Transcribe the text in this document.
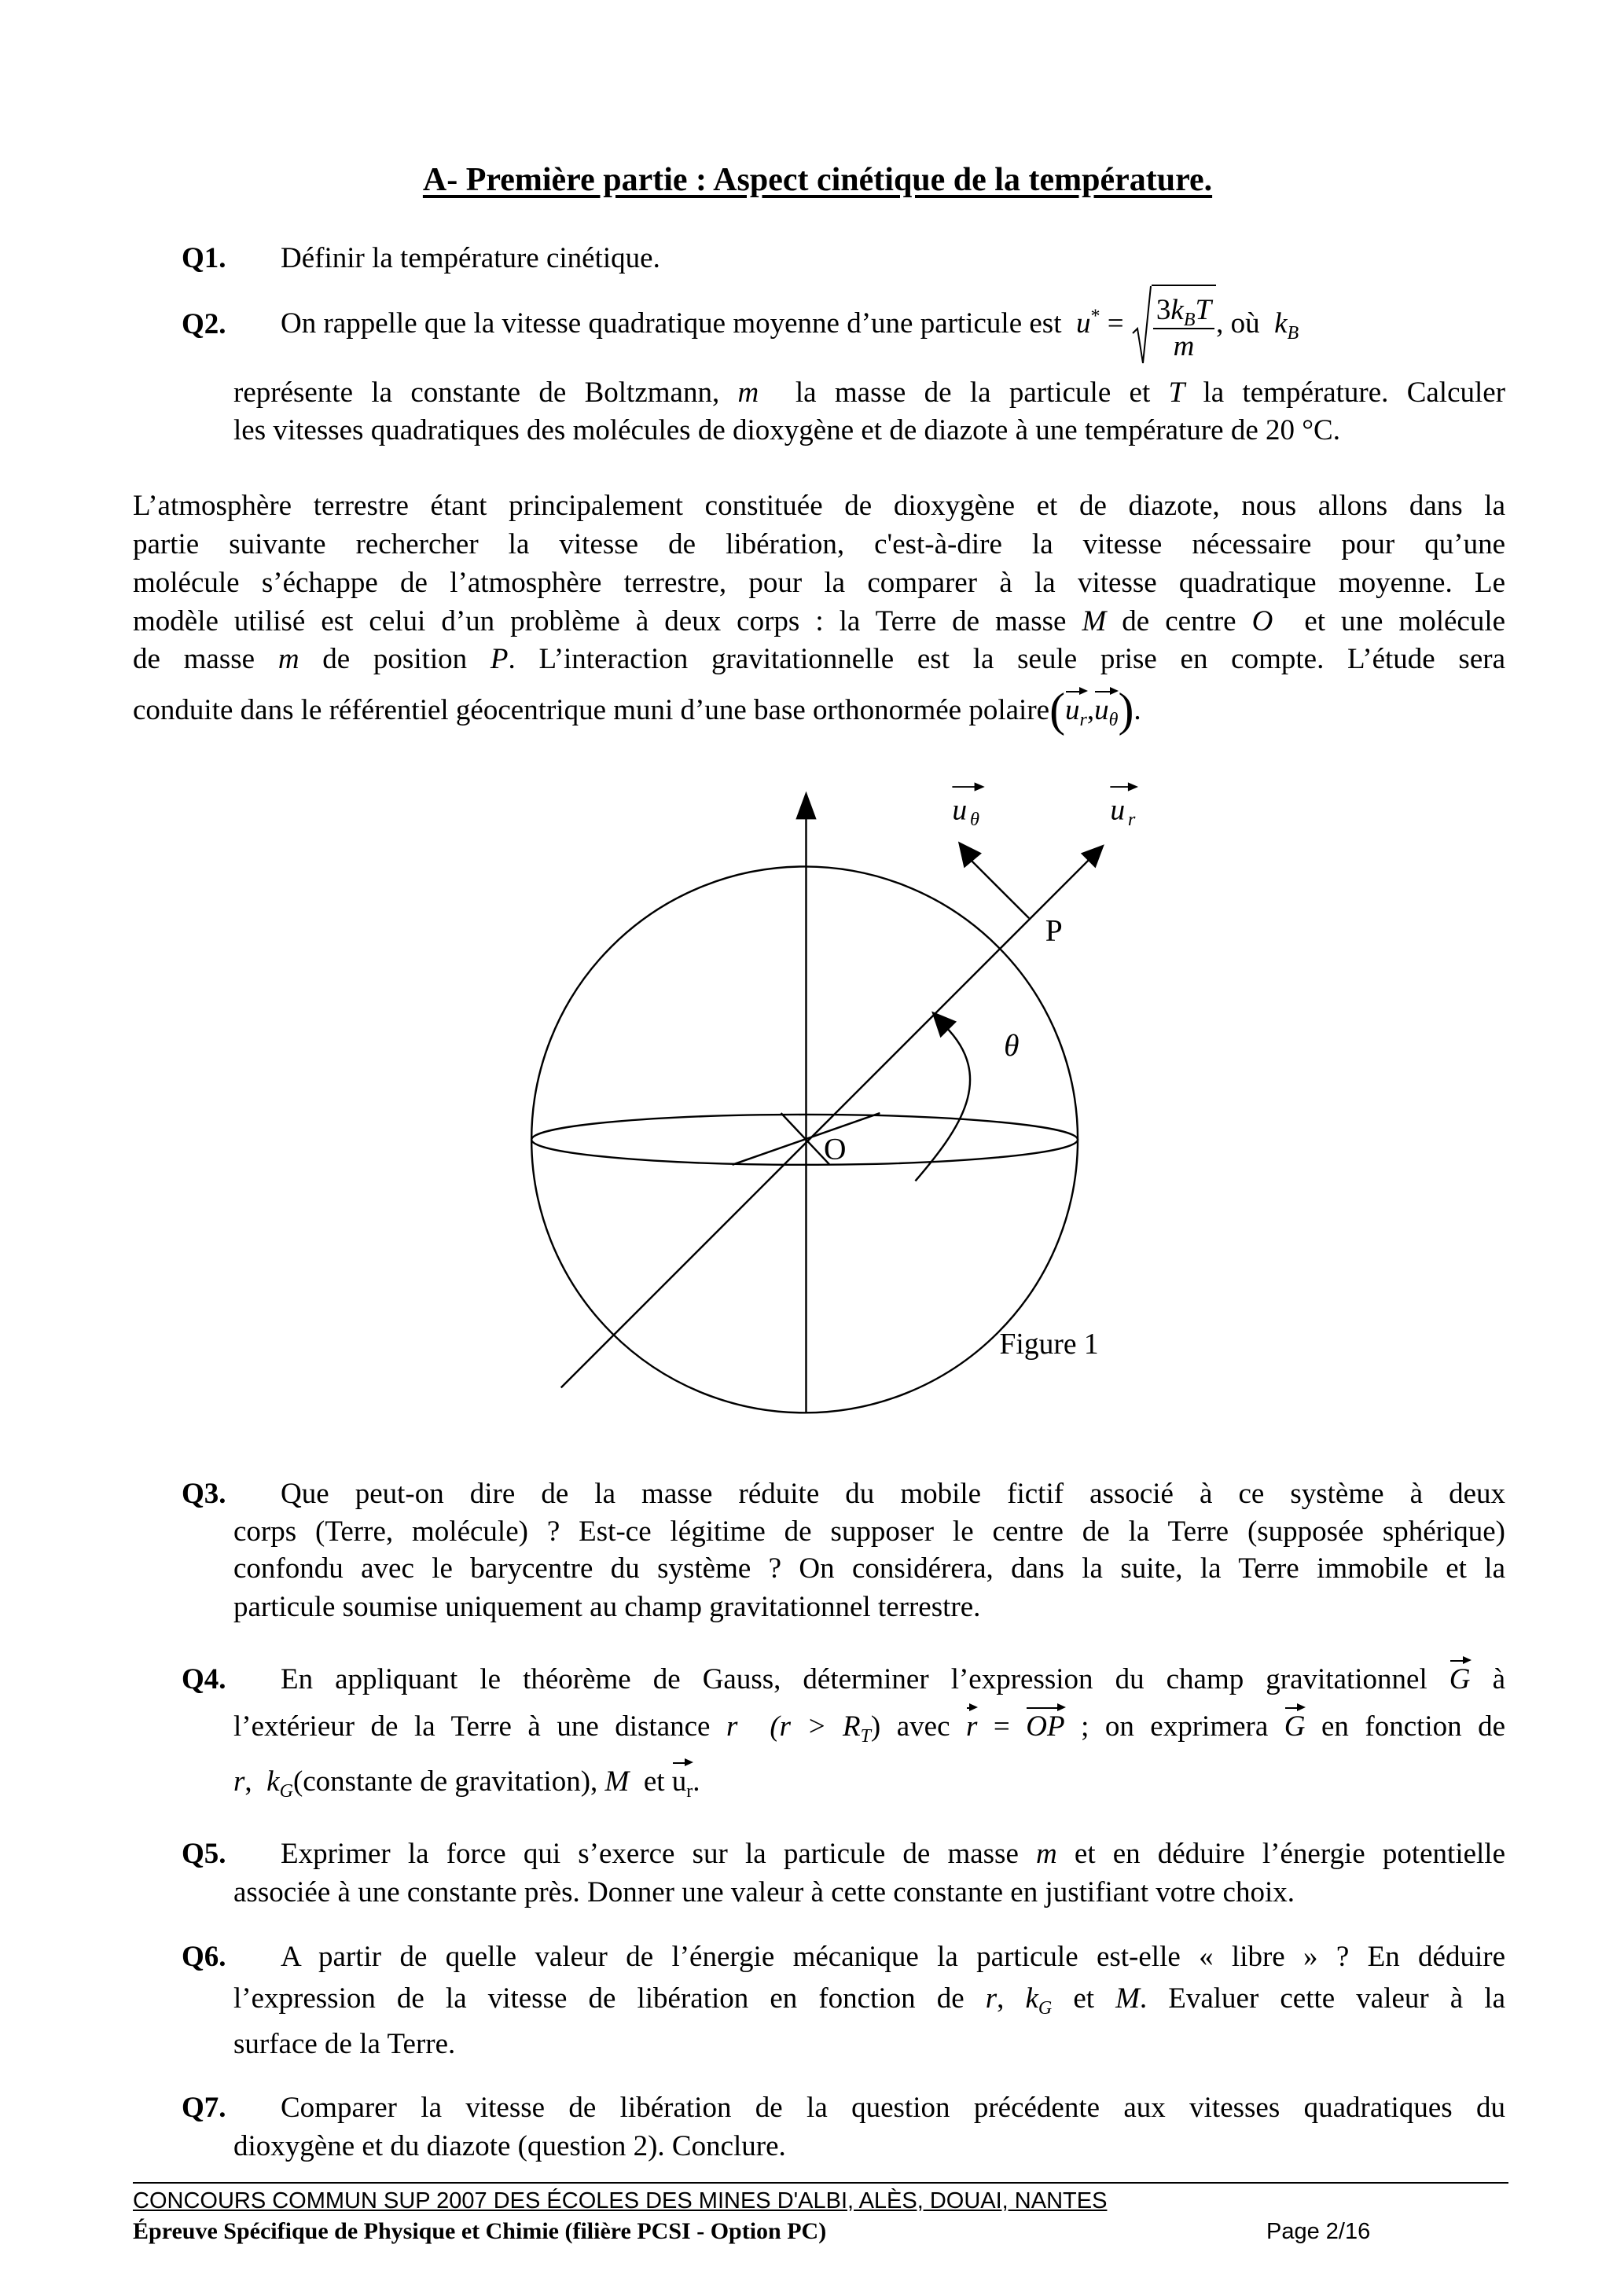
A- Première partie : Aspect cinétique de la température.
Q1. Définir la température cinétique.
Q2. On rappelle que la vitesse quadratique moyenne d’une particule est $u^* = \frac{3k_BT}{m}$ , où $k_B$
représente la constante de Boltzmann, m la masse de la particule et T la température. Calculer
les vitesses quadratiques des molécules de dioxygène et de diazote à une température de 20 °C.
L’atmosphère terrestre étant principalement constituée de dioxygène et de diazote, nous allons dans la
partie suivante rechercher la vitesse de libération, c'est-à-dire la vitesse nécessaire pour qu’une
molécule s’échappe de l’atmosphère terrestre, pour la comparer à la vitesse quadratique moyenne. Le
modèle utilisé est celui d’un problème à deux corps : la Terre de masse M de centre O et une molécule
de masse m de position P. L’interaction gravitationnelle est la seule prise en compte. L’étude sera
conduite dans le référentiel géocentrique muni d’une base orthonormée $polaire(u_r,u_\theta)$.
P
O
θ
Figure 1
u θ	u r
Q3. Que peut-on dire de la masse réduite du mobile fictif associé à ce système à deux
corps (Terre, molécule) ? Est-ce légitime de supposer le centre de la Terre (supposée sphérique)
confondu avec le barycentre du système ? On considérera, dans la suite, la Terre immobile et la
particule soumise uniquement au champ gravitationnel terrestre.
Q4. En appliquant le théorème de Gauss, déterminer l’expression du champ gravitationnel G à
l’extérieur de la Terre à une distance r $(r > R_T)$ avec r = OP ; on exprimera G en fonction de
r, $k_G(constante$ de gravitation), M et $u_r$.
Q5. Exprimer la force qui s’exerce sur la particule de masse m et en déduire l’énergie potentielle
associée à une constante près. Donner une valeur à cette constante en justifiant votre choix.
Q6. A partir de quelle valeur de l’énergie mécanique la particule est-elle « libre » ? En déduire
l’expression de la vitesse de libération en fonction de r, $k_G$ et M. Evaluer cette valeur à la
surface de la Terre.
Q7. Comparer la vitesse de libération de la question précédente aux vitesses quadratiques du
dioxygène et du diazote (question 2). Conclure.
CONCOURS COMMUN SUP 2007 DES ÉCOLES DES MINES D'ALBI, ALÈS, DOUAI, NANTES
Épreuve Spécifique de Physique et Chimie (filière PCSI - Option PC)	Page 2/16
